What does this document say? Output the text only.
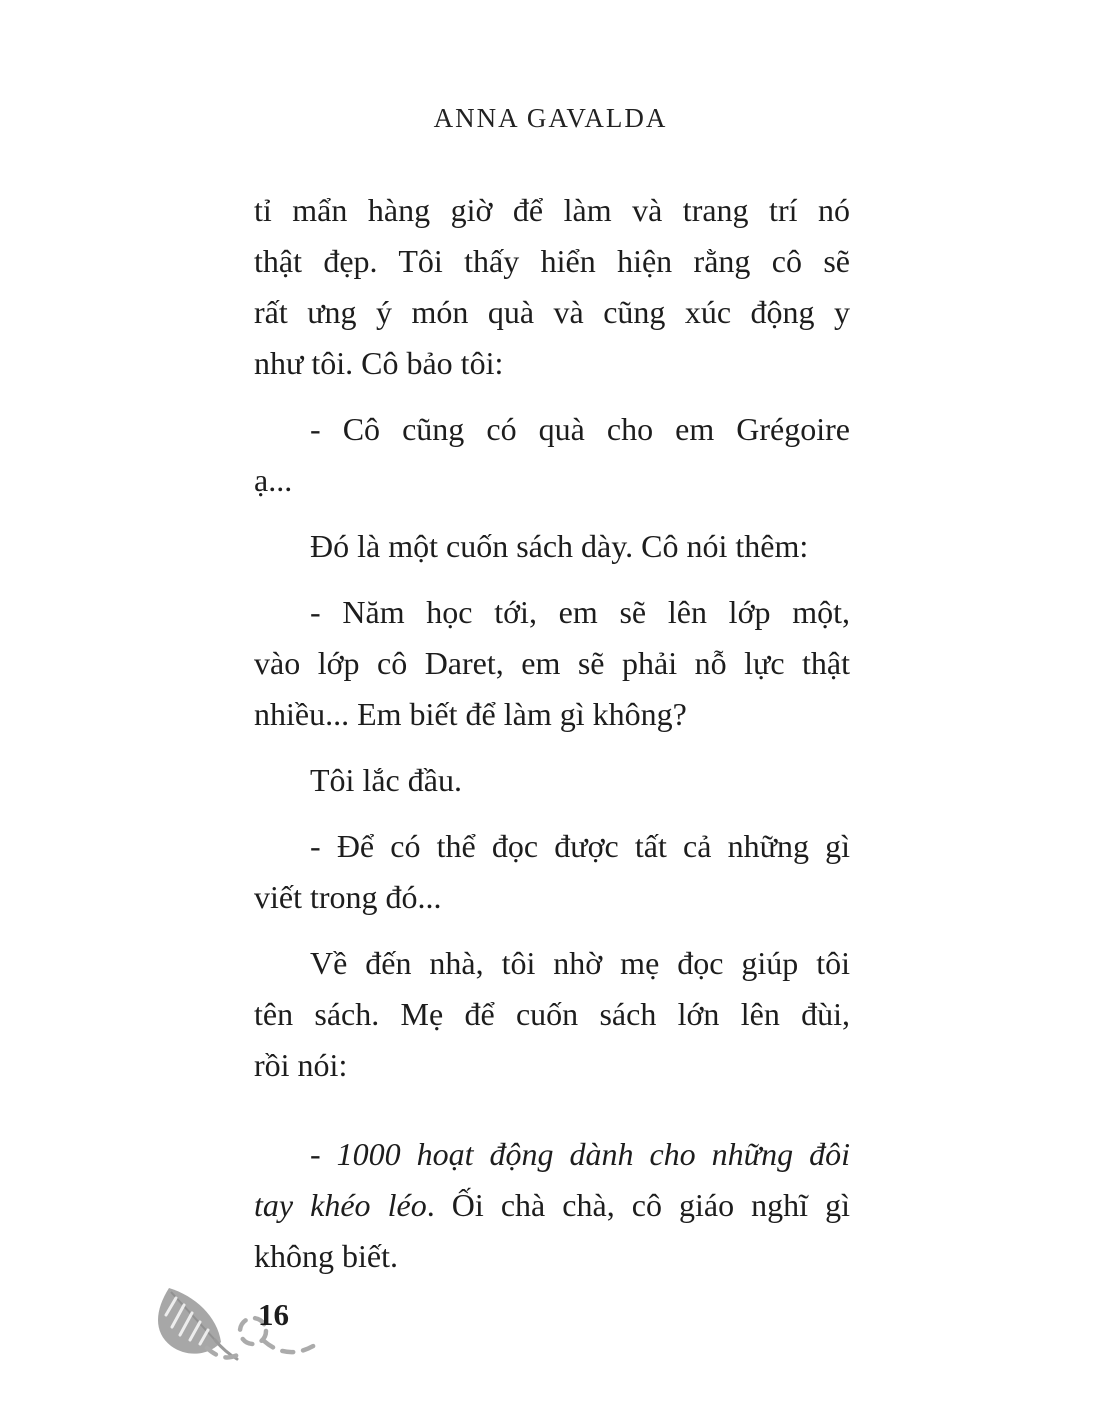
ANNA GAVALDA
tỉ mẩn hàng giờ để làm và trang trí nó
thật đẹp. Tôi thấy hiển hiện rằng cô sẽ
rất ưng ý món quà và cũng xúc động y
như tôi. Cô bảo tôi:
- Cô cũng có quà cho em Grégoire
ạ...
Đó là một cuốn sách dày. Cô nói thêm:
- Năm học tới, em sẽ lên lớp một,
vào lớp cô Daret, em sẽ phải nỗ lực thật
nhiều... Em biết để làm gì không?
Tôi lắc đầu.
- Để có thể đọc được tất cả những gì
viết trong đó...
Về đến nhà, tôi nhờ mẹ đọc giúp tôi
tên sách. Mẹ để cuốn sách lớn lên đùi,
rồi nói:
- 1000 hoạt động dành cho những đôi
tay khéo léo. Ối chà chà, cô giáo nghĩ gì
không biết.
16
